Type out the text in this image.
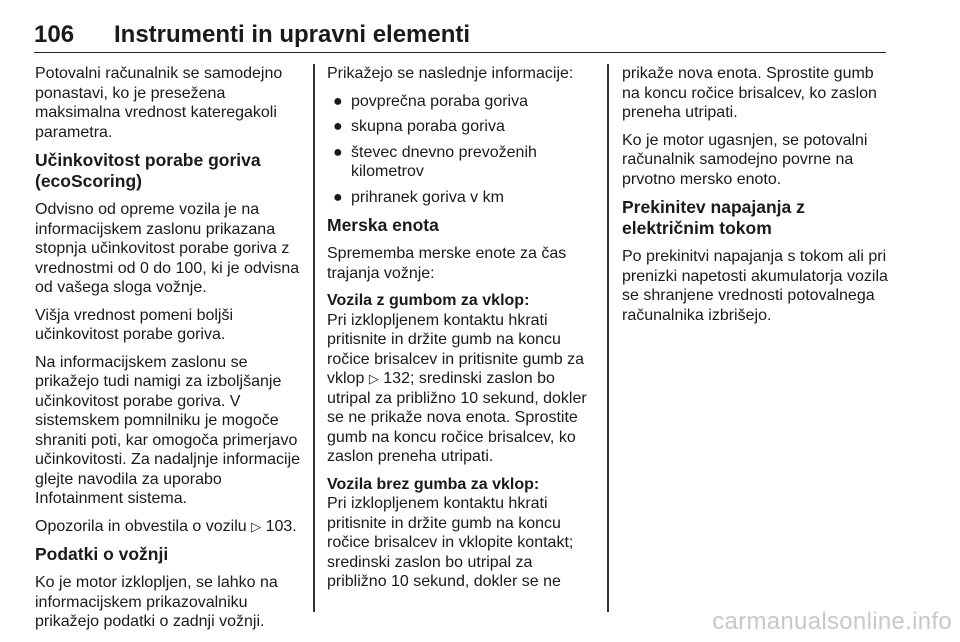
106 Instrumenti in upravni elementi

Potovalni računalnik se samodejno ponastavi, ko je presežena maksimalna vrednost kateregakoli parametra.

Učinkovitost porabe goriva (ecoScoring)

Odvisno od opreme vozila je na informacijskem zaslonu prikazana stopnja učinkovitost porabe goriva z vrednostmi od 0 do 100, ki je odvisna od vašega sloga vožnje.

Višja vrednost pomeni boljši učinkovitost porabe goriva.

Na informacijskem zaslonu se prikažejo tudi namigi za izboljšanje učinkovitost porabe goriva. V sistemskem pomnilniku je mogoče shraniti poti, kar omogoča primerjavo učinkovitosti. Za nadaljnje informacije glejte navodila za uporabo Infotainment sistema.

Opozorila in obvestila o vozilu ▷ 103.

Podatki o vožnji

Ko je motor izklopljen, se lahko na informacijskem prikazovalniku prikažejo podatki o zadnji vožnji.

Prikažejo se naslednje informacije:

● povprečna poraba goriva
● skupna poraba goriva
● števec dnevno prevoženih kilometrov
● prihranek goriva v km
Merska enota

Sprememba merske enote za čas trajanja vožnje:

Vozila z gumbom za vklop:

Pri izklopljenem kontaktu hkrati pritisnite in držite gumb na koncu ročice brisalcev in pritisnite gumb za vklop ▷ 132; sredinski zaslon bo utripal za približno 10 sekund, dokler se ne prikaže nova enota. Sprostite gumb na koncu ročice brisalcev, ko zaslon preneha utripati.

Vozila brez gumba za vklop:

Pri izklopljenem kontaktu hkrati pritisnite in držite gumb na koncu ročice brisalcev in vklopite kontakt; sredinski zaslon bo utripal za približno 10 sekund, dokler se ne

prikaže nova enota. Sprostite gumb na koncu ročice brisalcev, ko zaslon preneha utripati.

Ko je motor ugasnjen, se potovalni računalnik samodejno povrne na prvotno mersko enoto.

Prekinitev napajanja z električnim tokom

Po prekinitvi napajanja s tokom ali pri prenizki napetosti akumulatorja vozila se shranjene vrednosti potovalnega računalnika izbrišejo.

carmanualsonline.info
